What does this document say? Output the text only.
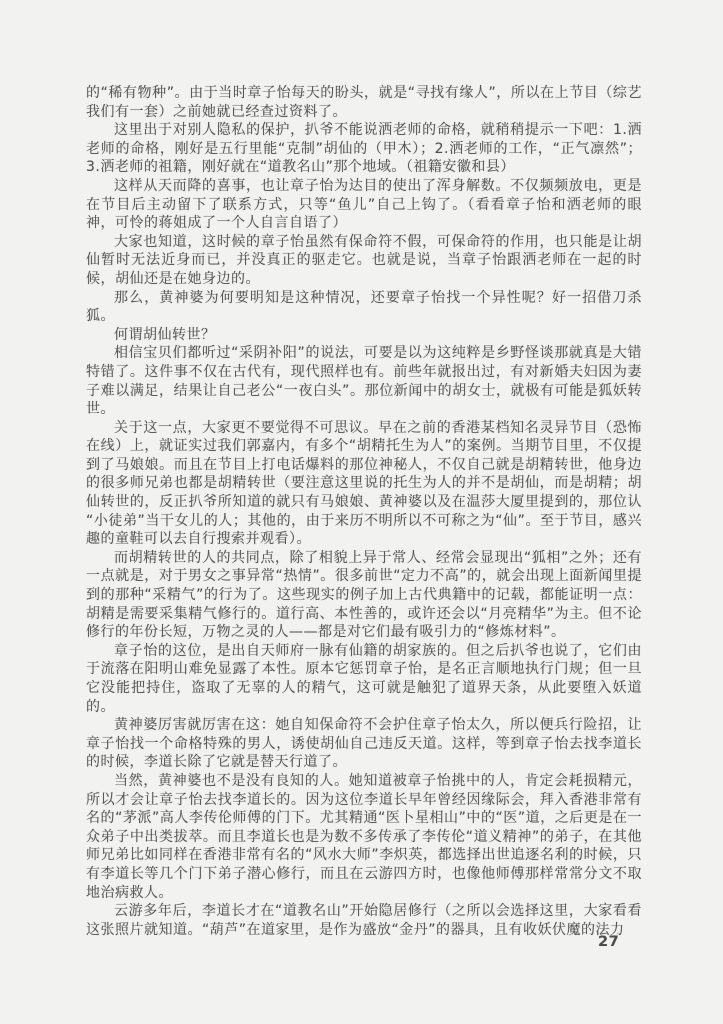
的“稀有物种”。由于当时章子怡每天的盼头，就是“寻找有缘人”，所以在上节目（综艺我们有一套）之前她就已经查过资料了。

这里出于对别人隐私的保护，扒爷不能说洒老师的命格，就稍稍提示一下吧：1.洒老师的命格，刚好是五行里能“克制”胡仙的（甲木）；2.洒老师的工作，“正气凛然”；3.洒老师的祖籍，刚好就在“道教名山”那个地域。（祖籍安徽和县）

这样从天而降的喜事，也让章子怡为达目的使出了浑身解数。不仅频频放电，更是在节目后主动留下了联系方式，只等“鱼儿”自己上钩了。（看看章子怡和洒老师的眼神，可怜的蒋姐成了一个人自言自语了）

大家也知道，这时候的章子怡虽然有保命符不假，可保命符的作用，也只能是让胡仙暂时无法近身而已，并没真正的驱走它。也就是说，当章子怡跟洒老师在一起的时候，胡仙还是在她身边的。

那么，黄神婆为何要明知是这种情况，还要章子怡找一个异性呢？好一招借刀杀狐。

何谓胡仙转世？

相信宝贝们都听过“采阴补阳”的说法，可要是以为这纯粹是乡野怪谈那就真是大错特错了。这件事不仅在古代有，现代照样也有。前些年就报出过，有对新婚夫妇因为妻子难以满足，结果让自己老公“一夜白头”。那位新闻中的胡女士，就极有可能是狐妖转世。

关于这一点，大家更不要觉得不可思议。早在之前的香港某档知名灵异节目（恐怖在线）上，就证实过我们郭嘉内，有多个“胡精托生为人”的案例。当期节目里，不仅提到了马娘娘。而且在节目上打电话爆料的那位神秘人，不仅自己就是胡精转世，他身边的很多师兄弟也都是胡精转世（要注意这里说的托生为人的并不是胡仙，而是胡精；胡仙转世的，反正扒爷所知道的就只有马娘娘、黄神婆以及在温莎大厦里提到的，那位认“小徒弟”当干女儿的人；其他的，由于来历不明所以不可称之为“仙”。至于节目，感兴趣的童鞋可以去自行搜索并观看）。

而胡精转世的人的共同点，除了相貌上异于常人、经常会显现出“狐相”之外；还有一点就是，对于男女之事异常“热情”。很多前世“定力不高”的，就会出现上面新闻里提到的那种“采精气”的行为了。这些现实的例子加上古代典籍中的记载，都能证明一点：胡精是需要采集精气修行的。道行高、本性善的，或许还会以“月亮精华”为主。但不论修行的年份长短，万物之灵的人——都是对它们最有吸引力的“修炼材料”。

章子怡的这位，是出自天师府一脉有仙籍的胡家族的。但之后扒爷也说了，它们由于流落在阳明山难免显露了本性。原本它惩罚章子怡，是名正言顺地执行门规；但一旦它没能把持住，盗取了无辜的人的精气，这可就是触犯了道界天条，从此要堕入妖道的。

黄神婆厉害就厉害在这：她自知保命符不会护住章子怡太久，所以便兵行险招，让章子怡找一个命格特殊的男人，诱使胡仙自己违反天道。这样，等到章子怡去找李道长的时候，李道长除了它就是替天行道了。

当然，黄神婆也不是没有良知的人。她知道被章子怡挑中的人，肯定会耗损精元，所以才会让章子怡去找李道长的。因为这位李道长早年曾经因缘际会，拜入香港非常有名的“茅派”高人李传伦师傅的门下。尤其精通“医卜星相山”中的“医”道，之后更是在一众弟子中出类拔萃。而且李道长也是为数不多传承了李传伦“道义精神”的弟子，在其他师兄弟比如同样在香港非常有名的“风水大师”李炽英，都选择出世追逐名利的时候，只有李道长等几个门下弟子潜心修行，而且在云游四方时，也像他师傅那样常常分文不取地治病救人。

云游多年后，李道长才在“道教名山”开始隐居修行（之所以会选择这里，大家看看这张照片就知道。“葫芦”在道家里，是作为盛放“金丹”的器具，且有收妖伏魔的法力

27
